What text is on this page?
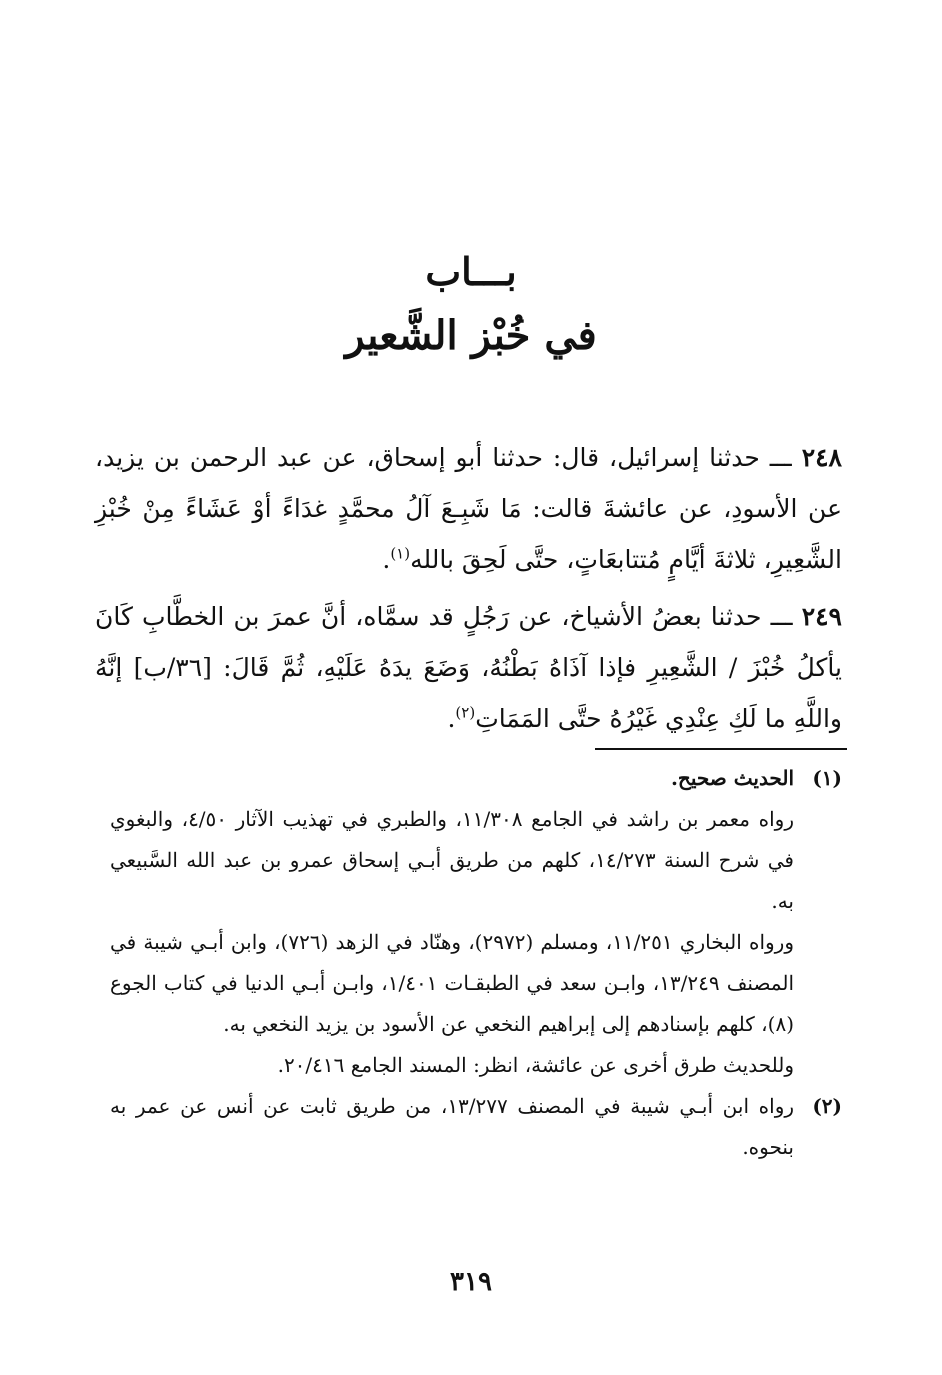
بـــاب
في خُبْز الشَّعير

٢٤٨ ـــ حدثنا إسرائيل، قال: حدثنا أبو إسحاق، عن عبد الرحمن بن يزيد، عن الأسودِ، عن عائشةَ قالت: مَا شَبِـعَ آلُ محمَّدٍ غدَاءً أوْ عَشَاءً مِنْ خُبْزِ الشَّعِيرِ، ثلاثةَ أيَّامٍ مُتتابعَاتٍ، حتَّى لَحِقَ بالله$^{(١)}$.

٢٤٩ ـــ حدثنا بعضُ الأشياخ، عن رَجُلٍ قد سمَّاه، أنَّ عمرَ بن الخطَّابِ كَانَ يأكلُ خُبْزَ / الشَّعِيرِ فإذا آذَاهُ بَطْنُهُ، وَضَعَ يدَهُ عَلَيْهِ، ثُمَّ قَالَ: [٣٦/ب] إنَّهُ واللَّهِ ما لَكِ عِنْدِي غَيْرُهُ حتَّى المَمَاتِ$^{(٢)}$.

(١)

الحديث صحيح.

رواه معمر بن راشد في الجامع ١١/٣٠٨، والطبري في تهذيب الآثار ٤/٥٠، والبغوي في شرح السنة ١٤/٢٧٣، كلهم من طريق أبـي إسحاق عمرو بن عبد الله السَّبيعي به.

ورواه البخاري ١١/٢٥١، ومسلم (٢٩٧٢)، وهنّاد في الزهد (٧٢٦)، وابن أبـي شيبة في المصنف ١٣/٢٤٩، وابـن سعد في الطبقـات ١/٤٠١، وابـن أبـي الدنيا في كتاب الجوع (٨)، كلهم بإسنادهم إلى إبراهيم النخعي عن الأسود بن يزيد النخعي به.

وللحديث طرق أخرى عن عائشة، انظر: المسند الجامع ٢٠/٤١٦.

(٢)

رواه ابن أبـي شيبة في المصنف ١٣/٢٧٧، من طريق ثابت عن أنس عن عمر به بنحوه.

٣١٩
